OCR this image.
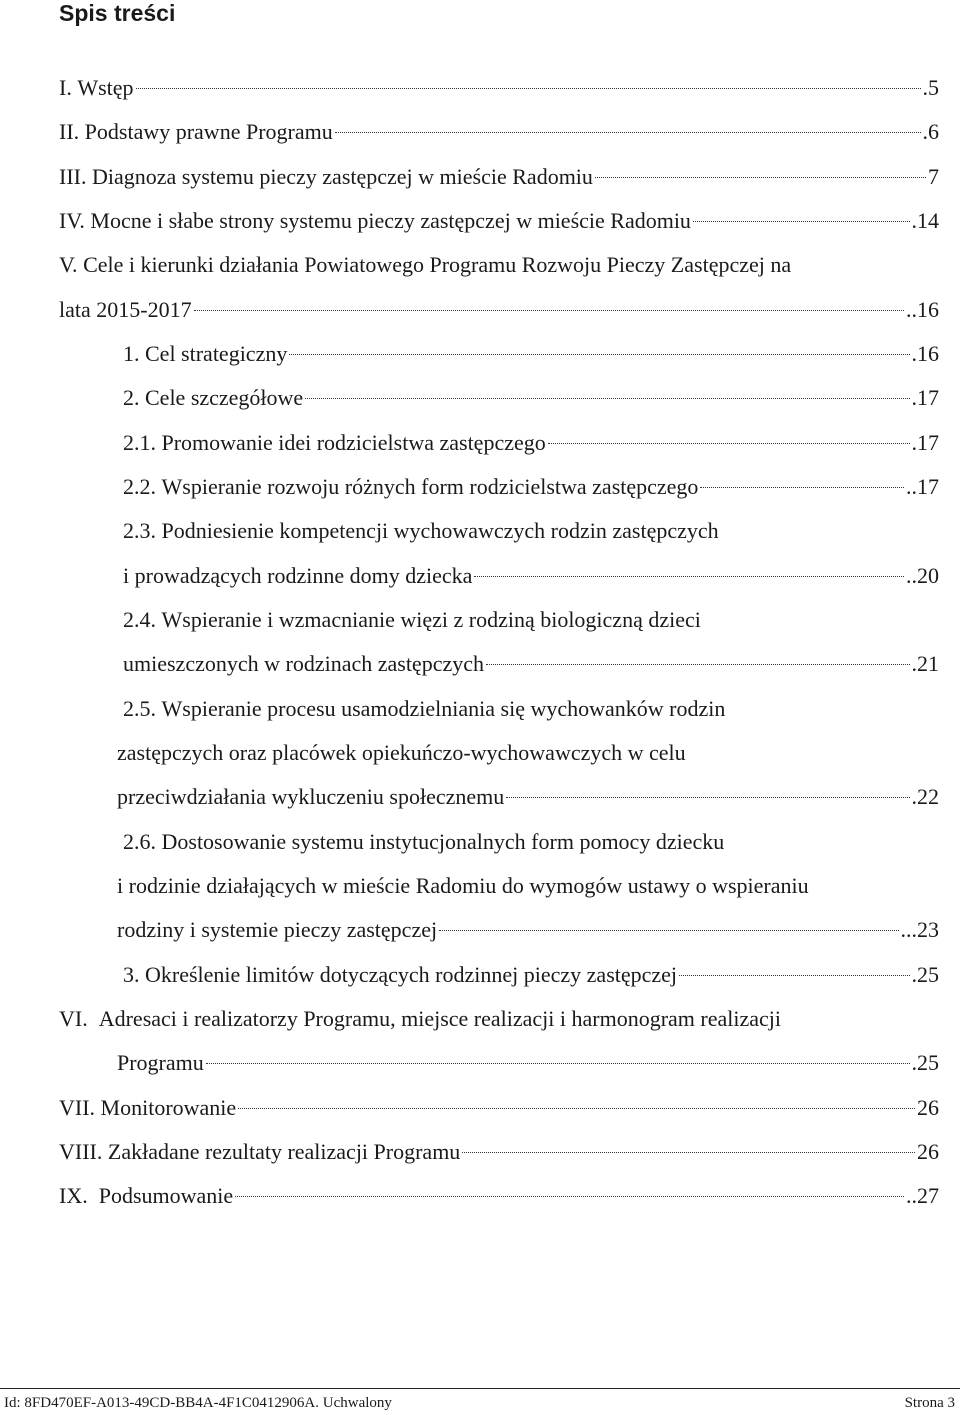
Spis treści
I. Wstęp	.5
II. Podstawy prawne Programu	.6
III. Diagnoza systemu pieczy zastępczej w mieście Radomiu	7
IV. Mocne i słabe strony systemu pieczy zastępczej w mieście Radomiu	.14
V. Cele i kierunki działania Powiatowego Programu Rozwoju Pieczy Zastępczej na
lata 2015-2017	..16
1. Cel strategiczny	.16
2. Cele szczegółowe	.17
2.1. Promowanie idei rodzicielstwa zastępczego	.17
2.2. Wspieranie rozwoju różnych form rodzicielstwa zastępczego	..17
2.3. Podniesienie kompetencji wychowawczych rodzin zastępczych
i prowadzących rodzinne domy dziecka	..20
2.4. Wspieranie i wzmacnianie więzi z rodziną biologiczną dzieci
umieszczonych w rodzinach zastępczych	.21
2.5. Wspieranie procesu usamodzielniania się wychowanków rodzin
zastępczych oraz placówek opiekuńczo-wychowawczych w celu
przeciwdziałania wykluczeniu społecznemu	.22
2.6. Dostosowanie systemu instytucjonalnych form pomocy dziecku
i rodzinie działających w mieście Radomiu do wymogów ustawy o wspieraniu
rodziny i systemie pieczy zastępczej	...23
3. Określenie limitów dotyczących rodzinnej pieczy zastępczej	.25
VI. Adresaci i realizatorzy Programu, miejsce realizacji i harmonogram realizacji
Programu	.25
VII. Monitorowanie	26
VIII. Zakładane rezultaty realizacji Programu	26
IX. Podsumowanie	..27
Id: 8FD470EF-A013-49CD-BB4A-4F1C0412906A. Uchwalony	Strona 3
